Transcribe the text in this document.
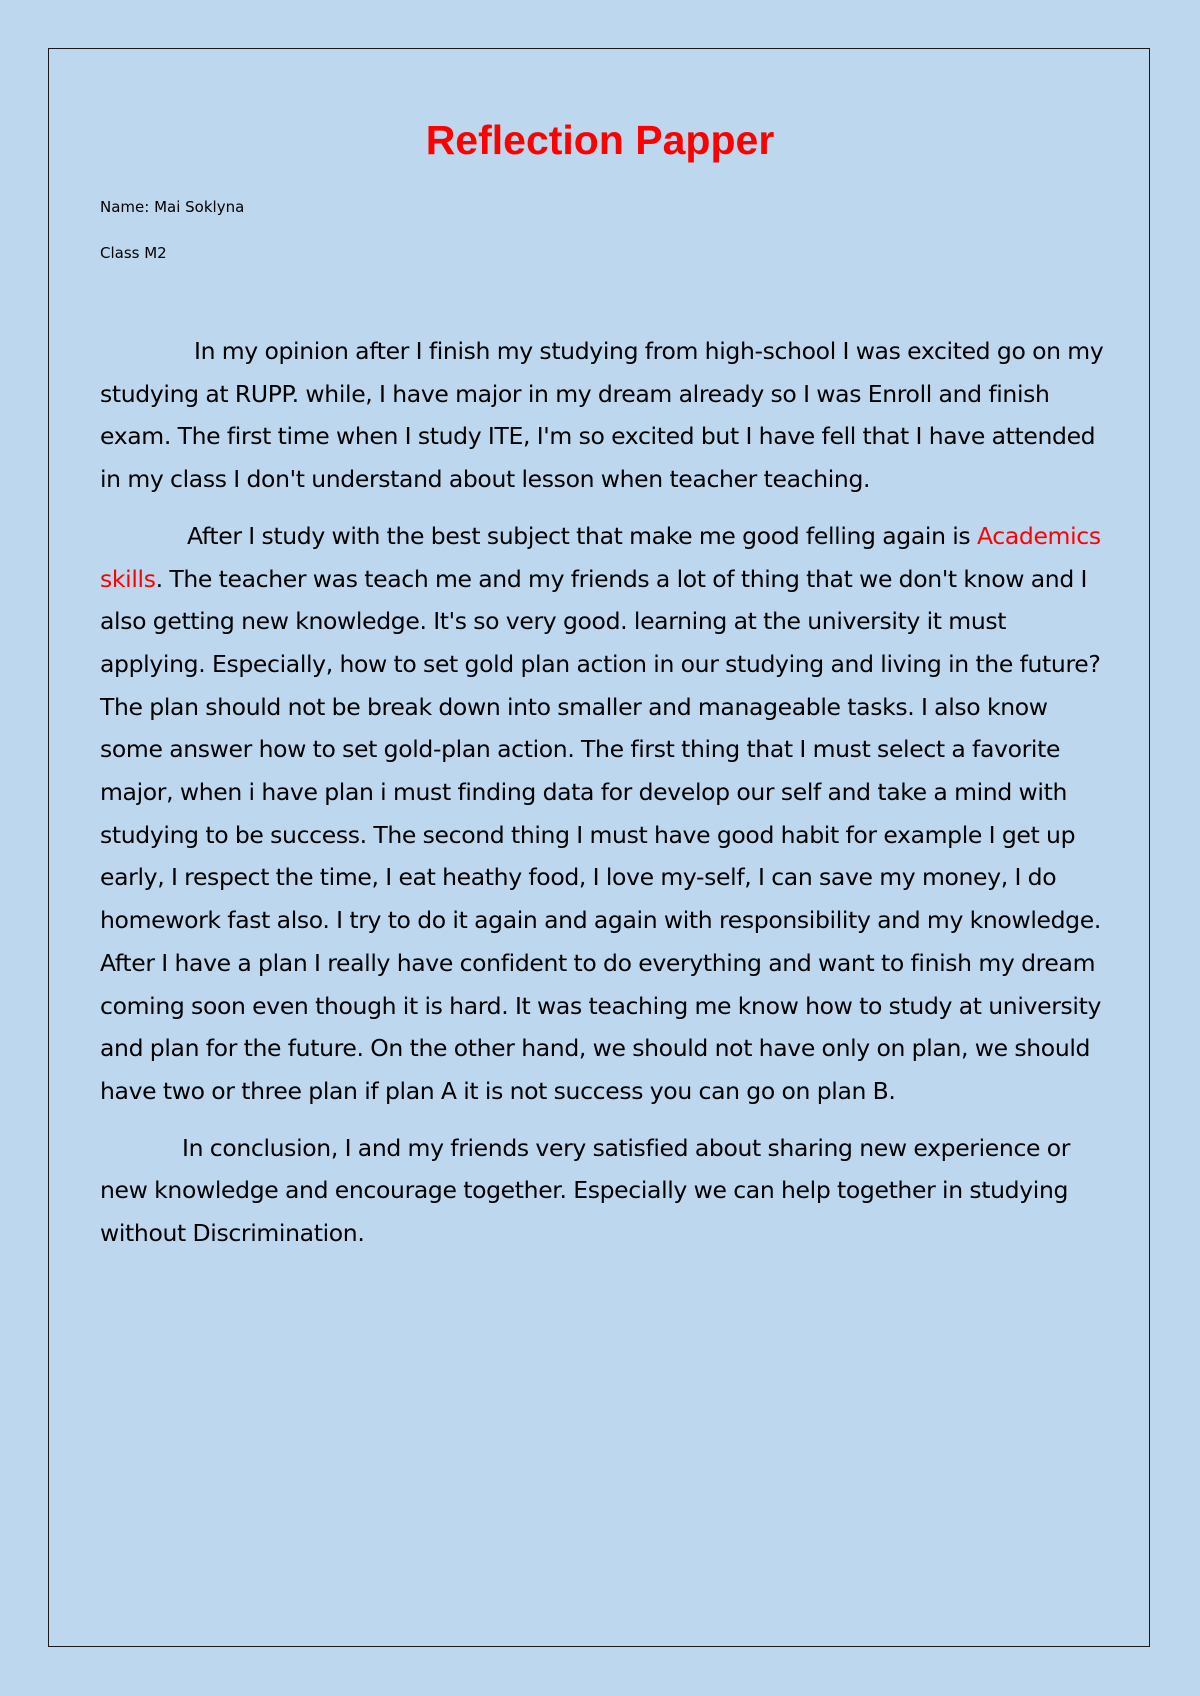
Reflection Papper

Name: Mai Soklyna

Class M2

In my opinion after I finish my studying from high-school I was excited go on my studying at RUPP. while, I have major in my dream already so I was Enroll and finish exam. The first time when I study ITE, I'm so excited but I have fell that I have attended in my class I don't understand about lesson when teacher teaching.

After I study with the best subject that make me good felling again is Academics skills. The teacher was teach me and my friends a lot of thing that we don't know and I also getting new knowledge. It's so very good. learning at the university it must applying. Especially, how to set gold plan action in our studying and living in the future? The plan should not be break down into smaller and manageable tasks. I also know some answer how to set gold-plan action. The first thing that I must select a favorite major, when i have plan i must finding data for develop our self and take a mind with studying to be success. The second thing I must have good habit for example I get up early, I respect the time, I eat heathy food, I love my-self, I can save my money, I do homework fast also. I try to do it again and again with responsibility and my knowledge. After I have a plan I really have confident to do everything and want to finish my dream coming soon even though it is hard. It was teaching me know how to study at university and plan for the future. On the other hand, we should not have only on plan, we should have two or three plan if plan A it is not success you can go on plan B.

In conclusion, I and my friends very satisfied about sharing new experience or new knowledge and encourage together. Especially we can help together in studying without Discrimination.
